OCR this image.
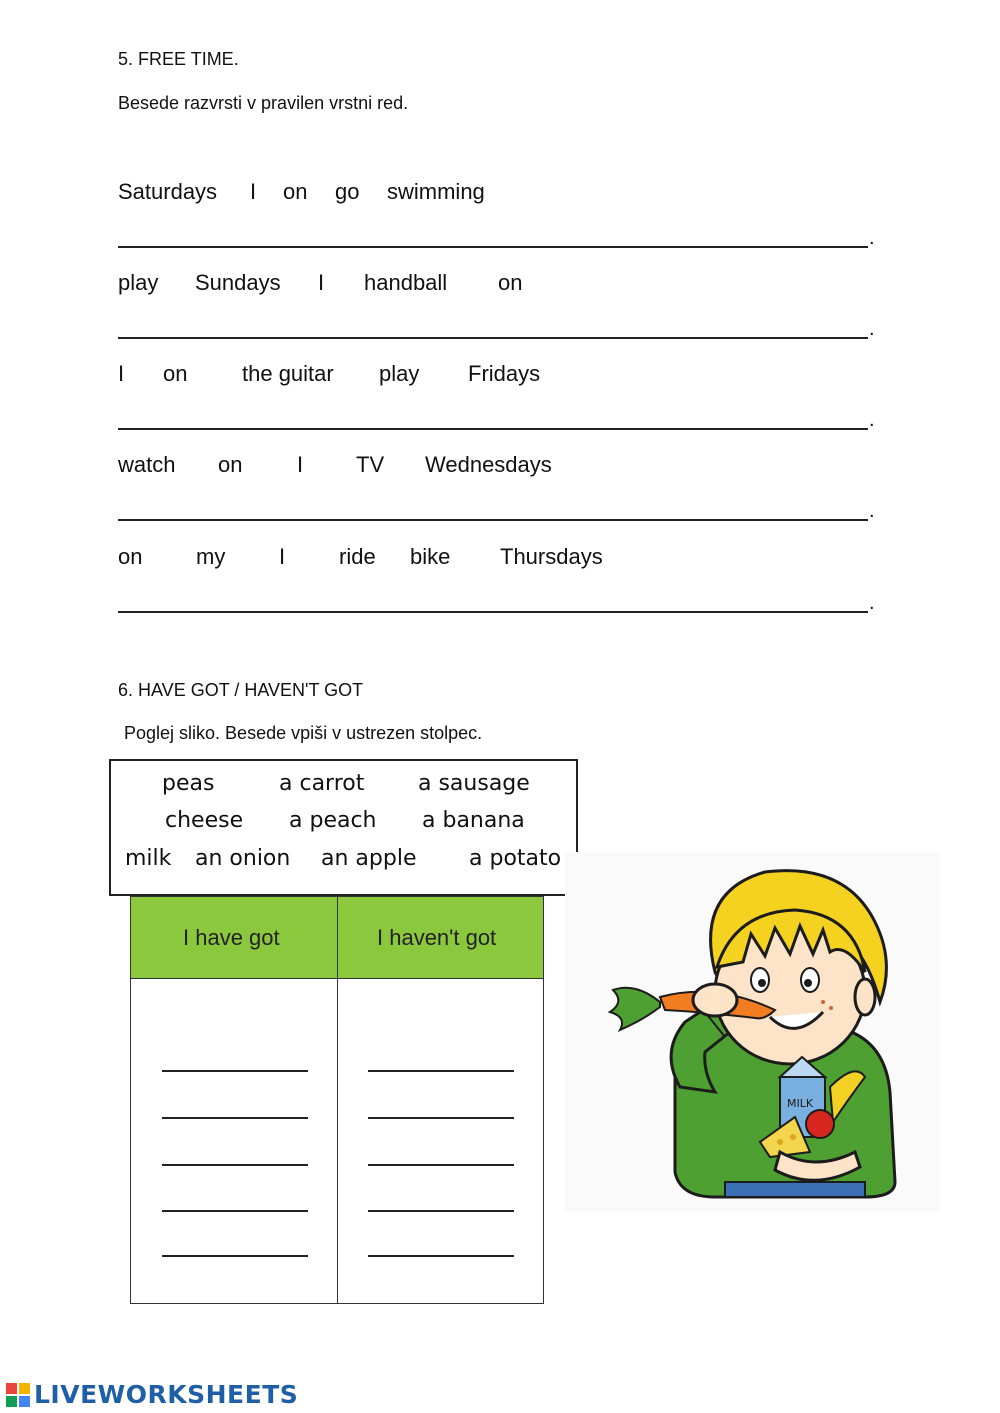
5. FREE TIME.
Besede razvrsti v pravilen vrstni red.
Saturdays I on go swimming
.
play Sundays I handball on
.
I on the guitar play Fridays
.
watch on I TV Wednesdays
.
on my I ride bike Thursdays
.
6. HAVE GOT / HAVEN'T GOT
Poglej sliko. Besede vpiši v ustrezen stolpec.
peas	a carrot a sausage
cheese a peach a banana
milk an onion an apple a potato
I have got	I haven't got
MILK
LIVEWORKSHEETS
